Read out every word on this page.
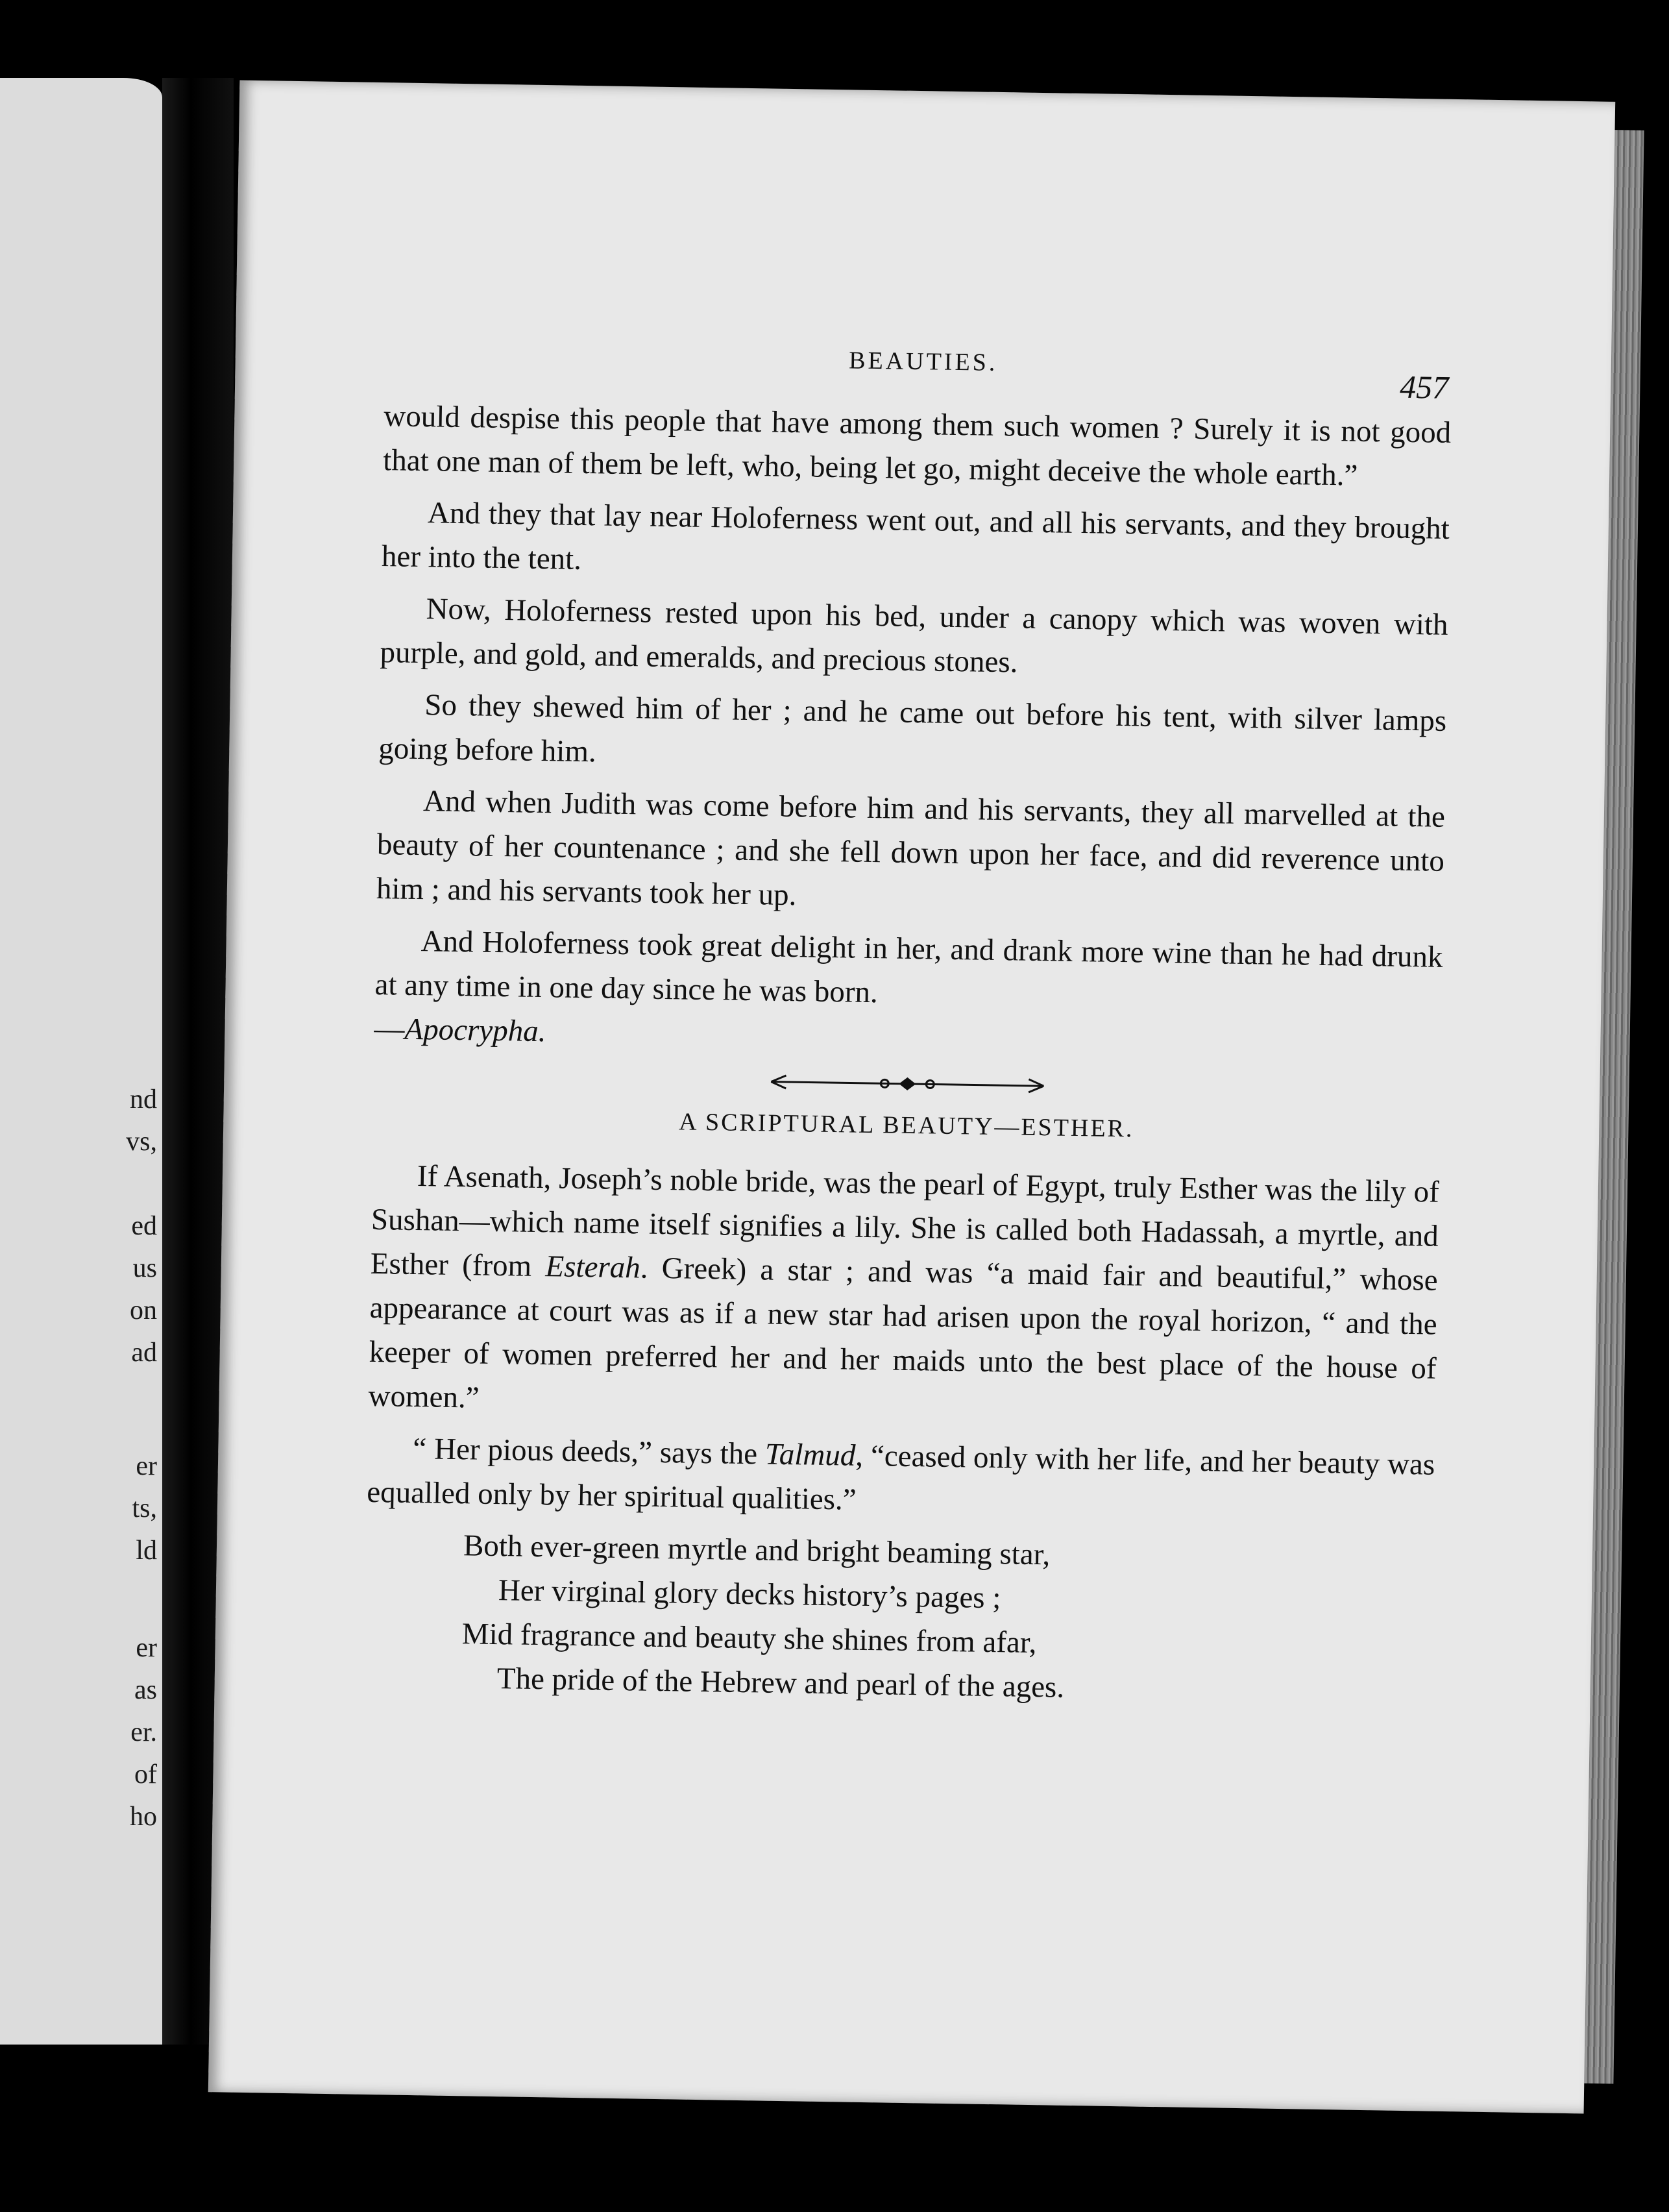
nd
vs,
ed
us
on
ad
er
ts,
ld
er
as
er.
of
ho
BEAUTIES.
457

would despise this people that have among them such women ? Surely it is not good that one man of them be left, who, being let go, might deceive the whole earth.”

And they that lay near Holoferness went out, and all his servants, and they brought her into the tent.

Now, Holoferness rested upon his bed, under a canopy which was woven with purple, and gold, and emeralds, and precious stones.

So they shewed him of her ; and he came out before his tent, with silver lamps going before him.

And when Judith was come before him and his servants, they all marvelled at the beauty of her countenance ; and she fell down upon her face, and did reverence unto him ; and his servants took her up.

And Holoferness took great delight in her, and drank more wine than he had drunk at any time in one day since he was born.

—Apocrypha.

A SCRIPTURAL BEAUTY—ESTHER.

If Asenath, Joseph’s noble bride, was the pearl of Egypt, truly Esther was the lily of Sushan—which name itself signifies a lily. She is called both Hadassah, a myrtle, and Esther (from Esterah. Greek) a star ; and was “a maid fair and beautiful,” whose appearance at court was as if a new star had arisen upon the royal horizon, “ and the keeper of women preferred her and her maids unto the best place of the house of women.”

“ Her pious deeds,” says the Talmud, “ceased only with her life, and her beauty was equalled only by her spiritual qualities.”

Both ever-green myrtle and bright beaming star,
Her virginal glory decks history’s pages ;
Mid fragrance and beauty she shines from afar,
The pride of the Hebrew and pearl of the ages.
